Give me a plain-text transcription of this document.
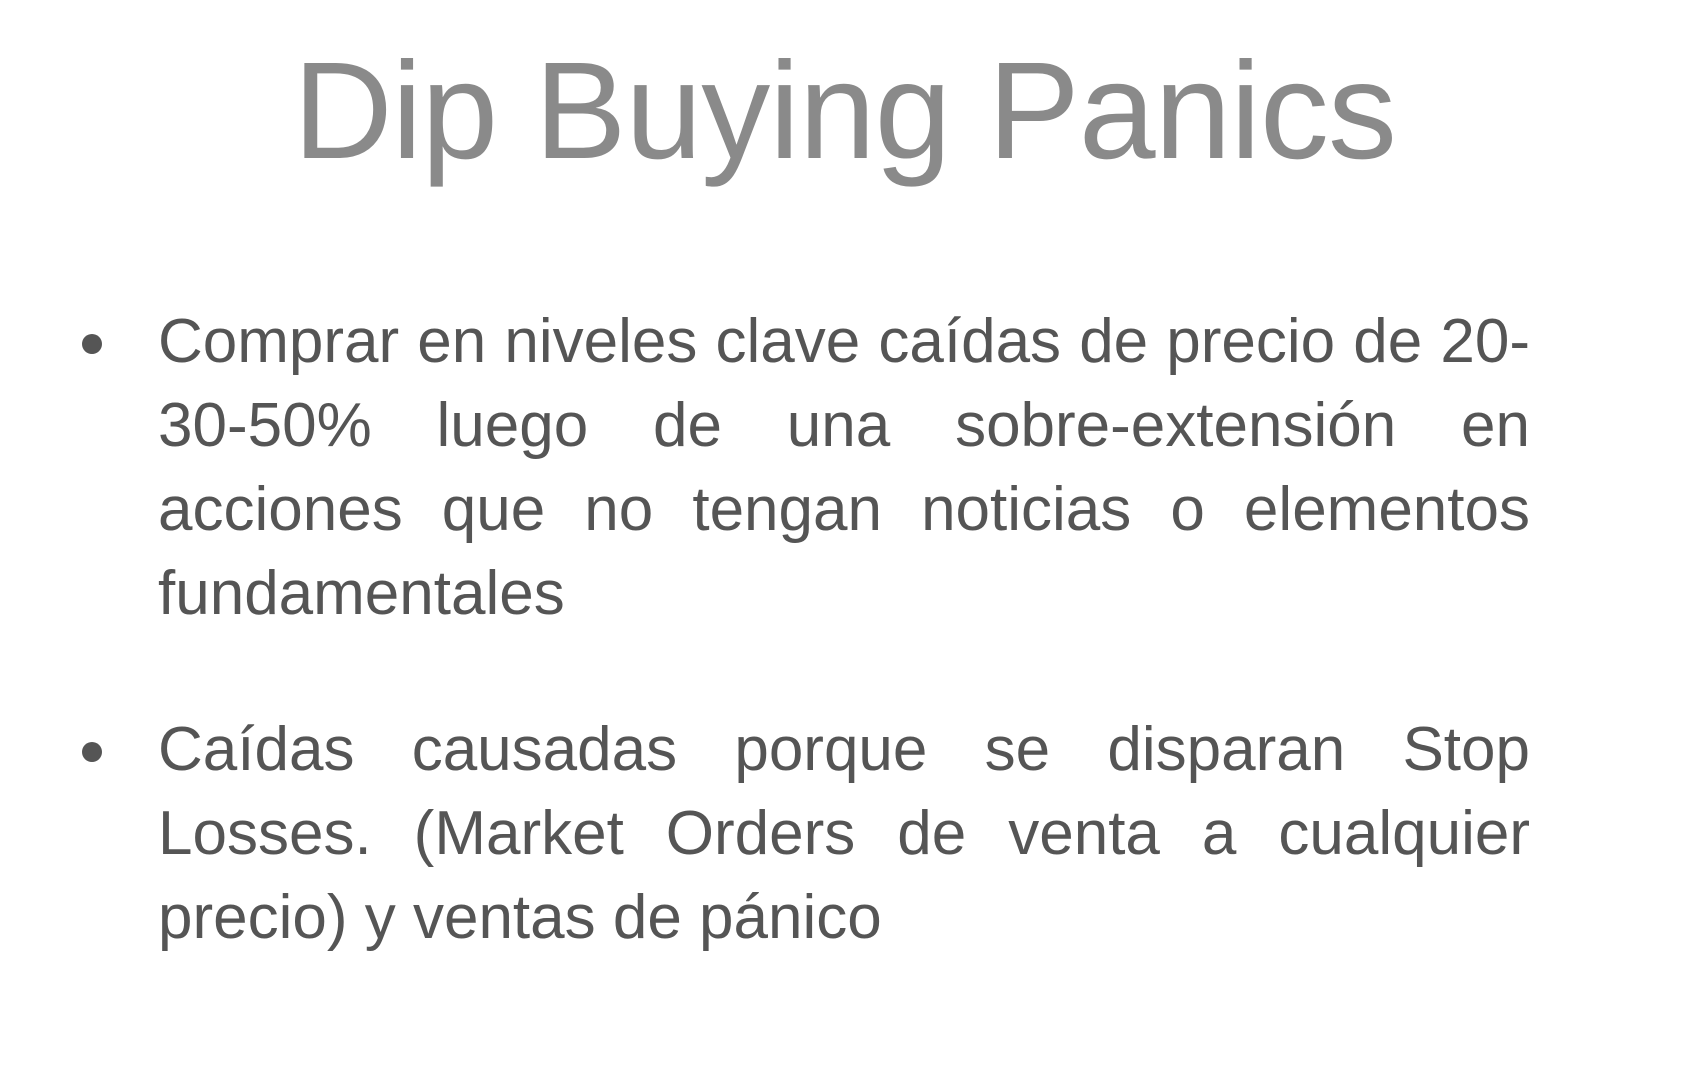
Dip Buying Panics
Comprar en niveles clave caídas de precio de 20-30-50% luego de una sobre-extensión en acciones que no tengan noticias o elementos fundamentales
Caídas causadas porque se disparan Stop Losses. (Market Orders de venta a cualquier precio) y ventas de pánico
